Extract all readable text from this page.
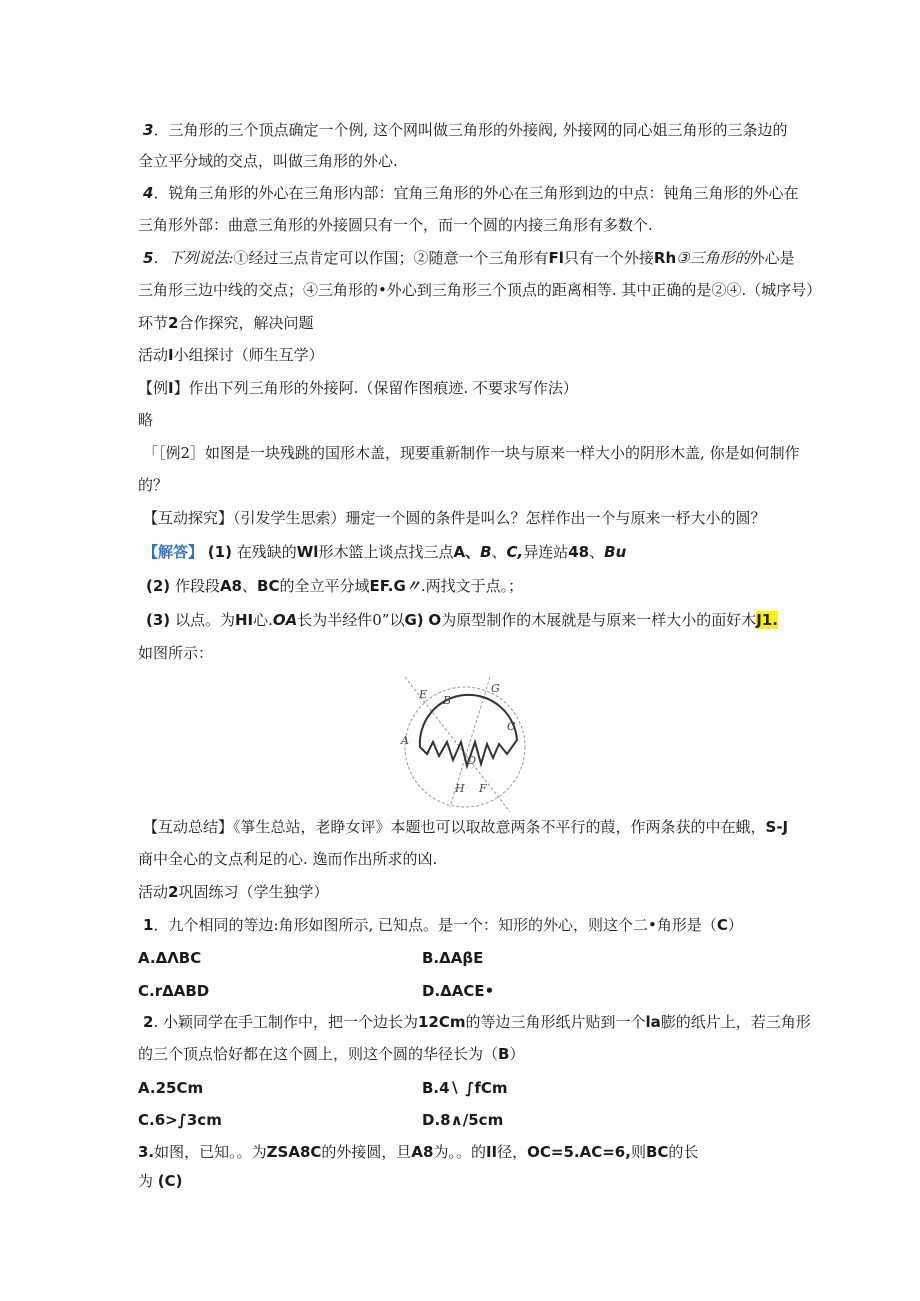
3．三角形的三个顶点确定一个例, 这个网叫做三角形的外接阀, 外接网的同心姐三角形的三条边的
全立平分域的交点，叫做三角形的外心.
4．锐角三角形的外心在三角形内部：宜角三角形的外心在三角形到边的中点：钝角三角形的外心在
三角形外部：曲意三角形的外接圆只有一个，而一个圆的内接三角形有多数个.
5．下列说法:①经过三点肯定可以作国；②随意一个三角形有Fl只有一个外接Rh③三角形的外心是
三角形三边中线的交点；④三角形的•外心到三角形三个顶点的距离相等. 其中正确的是②④.（城序号）
环节2合作探究，解决问题
活动I小组探讨（师生互学）
【例I】作出下列三角形的外接阿.（保留作图痕迹. 不要求写作法）
略
「［例2］如图是一块残跳的国形木盖，现要重新制作一块与原来一样大小的阴形木盖, 你是如何制作
的？
【互动探究】（引发学生思索）珊定一个圆的条件是叫么？怎样作出一个与原来一杼大小的圆？
【解答】 (1) 在残缺的Wl形木篮上谈点找三点A、B、C,异连站48、Bu
(2) 作段段A8、BC的全立平分域EF.G〃.两找文于点。；
(3) 以点。为HI心.OA长为半经件0”以G) O为原型制作的木展就是与原来一样大小的面好木J1.
如图所示：
E B
G
C
A
H F
O
【互动总结】《箏生总站，老睁女评》本题也可以取故意两条不平行的葭，作两条获的中在蛾，S-J
商中全心的文点利足的心. 逸而作出所求的凶.
活动2巩固练习（学生独学）
1．九个相同的等边:角形如图所示, 已知点。是一个：知形的外心，则这个二•角形是（C）
A.ΔΛBC	B.ΔAβE
C.rΔABD	D.ΔACE•
2. 小颖同学在手工制作中，把一个边长为12Cm的等边三角形纸片贴到一个la膨的纸片上，若三角形
的三个顶点恰好都在这个圆上，则这个圆的华径长为（B）
A.25Cm	B.4∖ ∫fCm
C.6>∫3cm	D.8∧/5cm
3.如图，已知。。为ZSA8C的外接圆，旦A8为。。的II径，OC=5.AC=6,则BC的长
为 (C)
